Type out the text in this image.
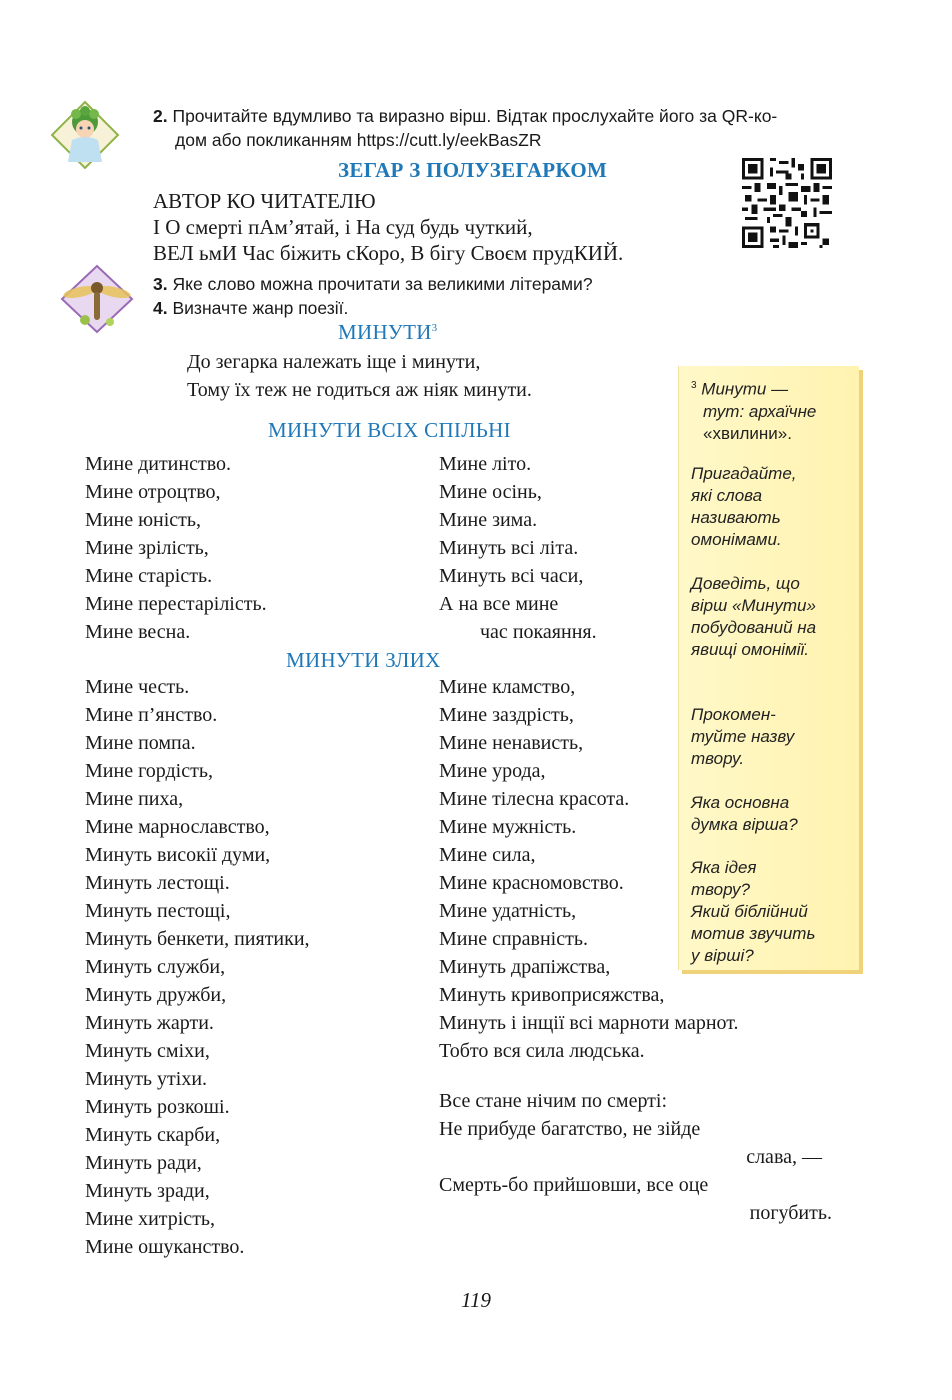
2. Прочитайте вдумливо та виразно вірш. Відтак прослухайте його за QR-ко-
дом або покликанням https://cutt.ly/eekBasZR
ЗЕГАР З ПОЛУЗЕГАРКОМ
АВТОР КО ЧИТАТЕЛЮ
І О смерті пАм’ятай, і На суд будь чуткий,
ВЕЛ ьмИ Час біжить сКоро, В бігу Своєм прудКИЙ.
3. Яке слово можна прочитати за великими літерами?
4. Визначте жанр поезії.
МИНУТИ$^3$
До зегарка належать іще і минути,
Тому їх теж не годиться аж ніяк минути.
МИНУТИ ВСІХ СПІЛЬНІ
Мине дитинство.
Мине отроцтво,
Мине юність,
Мине зрілість,
Мине старість.
Мине перестарілість.
Мине весна.
Мине літо.
Мине осінь,
Мине зима.
Минуть всі літа.
Минуть всі часи,
А на все мине
час покаяння.
МИНУТИ ЗЛИХ
Мине честь.
Мине п’янство.
Мине помпа.
Мине гордість,
Мине пиха,
Мине марнославство,
Минуть високії думи,
Минуть лестощі.
Минуть пестощі,
Минуть бенкети, пиятики,
Минуть служби,
Минуть дружби,
Минуть жарти.
Минуть сміхи,
Минуть утіхи.
Минуть розкоші.
Минуть скарби,
Минуть ради,
Минуть зради,
Мине хитрість,
Мине ошуканство.
Мине кламство,
Мине заздрість,
Мине ненависть,
Мине урода,
Мине тілесна красота.
Мине мужність.
Мине сила,
Мине красномовство.
Мине удатність,
Мине справність.
Минуть драпіжства,
Минуть кривоприсяжства,
Минуть і інщії всі марноти марнот.
Тобто вся сила людська.
Все стане нічим по смерті:
Не прибуде багатство, не зійде
слава, —
Смерть-бо прийшовши, все оце
погубить.
$^3$ Минути —
тут: архаїчне
«хвилини».
Пригадайте,
які слова
називають
омонімами.
Доведіть, що
вірш «Минути»
побудований на
явищі омонімії.
Прокомен-
туйте назву
твору.
Яка основна
думка вірша?
Яка ідея
твору?
Який біблійний
мотив звучить
у вірші?
119
